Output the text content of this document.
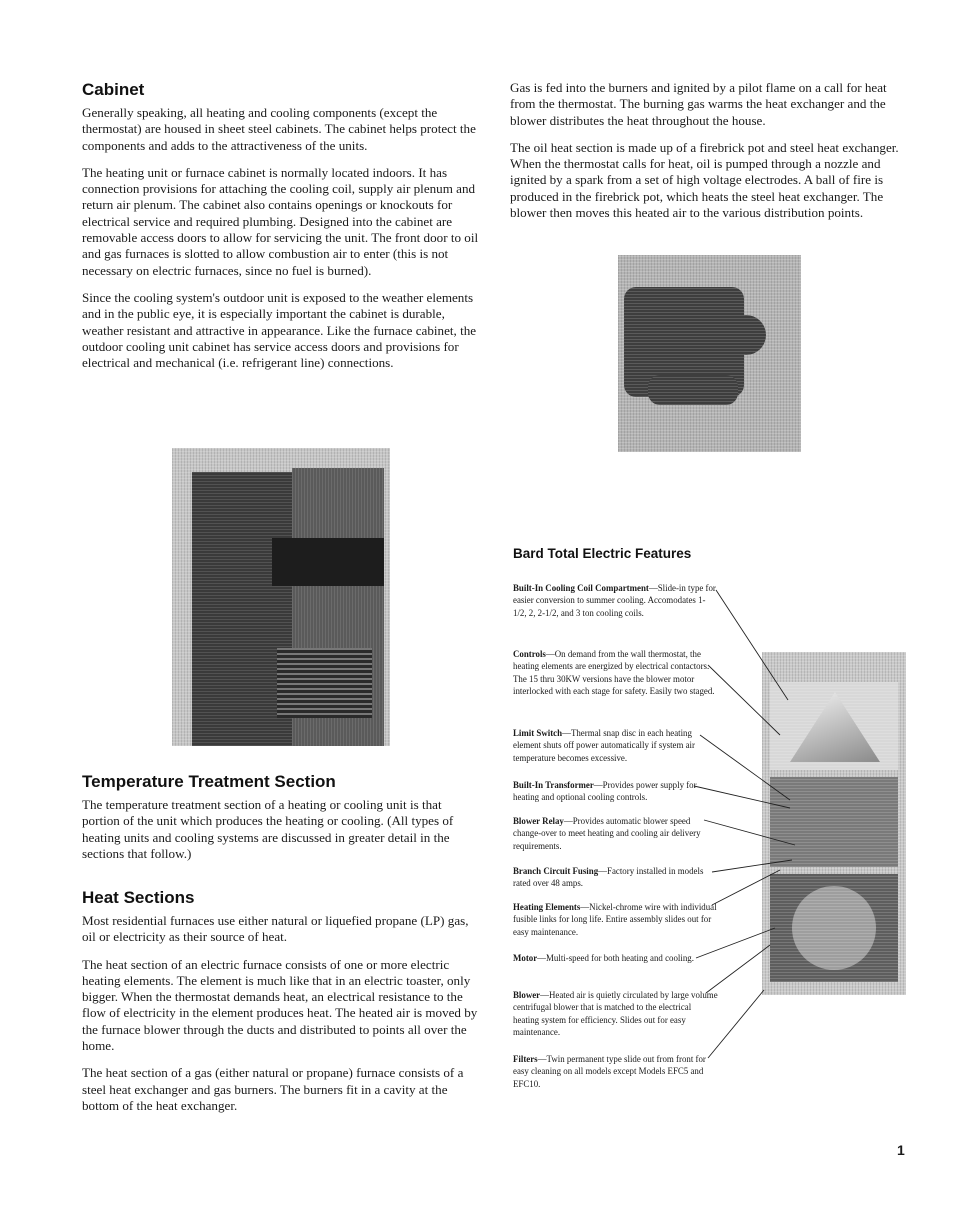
Cabinet

Generally speaking, all heating and cooling components (except the thermostat) are housed in sheet steel cabinets. The cabinet helps protect the components and adds to the attractiveness of the units.

The heating unit or furnace cabinet is normally located indoors. It has connection provisions for attaching the cooling coil, supply air plenum and return air plenum. The cabinet also contains openings or knockouts for electrical service and required plumbing. Designed into the cabinet are removable access doors to allow for servicing the unit. The front door to oil and gas furnaces is slotted to allow combustion air to enter (this is not necessary on electric furnaces, since no fuel is burned).

Since the cooling system's outdoor unit is exposed to the weather elements and in the public eye, it is especially important the cabinet is durable, weather resistant and attractive in appearance. Like the furnace cabinet, the outdoor cooling unit cabinet has service access doors and provisions for electrical and mechanical (i.e. refrigerant line) connections.

Temperature Treatment Section

The temperature treatment section of a heating or cooling unit is that portion of the unit which produces the heating or cooling. (All types of heating units and cooling systems are discussed in greater detail in the sections that follow.)

Heat Sections

Most residential furnaces use either natural or liquefied propane (LP) gas, oil or electricity as their source of heat.

The heat section of an electric furnace consists of one or more electric heating elements. The element is much like that in an electric toaster, only bigger. When the thermostat demands heat, an electrical resistance to the flow of electricity in the element produces heat. The heated air is moved by the furnace blower through the ducts and distributed to points all over the home.

The heat section of a gas (either natural or propane) furnace consists of a steel heat exchanger and gas burners. The burners fit in a cavity at the bottom of the heat exchanger.

Gas is fed into the burners and ignited by a pilot flame on a call for heat from the thermostat. The burning gas warms the heat exchanger and the blower distributes the heat throughout the house.

The oil heat section is made up of a firebrick pot and steel heat exchanger. When the thermostat calls for heat, oil is pumped through a nozzle and ignited by a spark from a set of high voltage electrodes. A ball of fire is produced in the firebrick pot, which heats the steel heat exchanger. The blower then moves this heated air to the various distribution points.

Bard Total Electric Features
Built-In Cooling Coil Compartment—Slide-in type for easier conversion to summer cooling. Accomodates 1-1/2, 2, 2-1/2, and 3 ton cooling coils.
Controls—On demand from the wall thermostat, the heating elements are energized by electrical contactors. The 15 thru 30KW versions have the blower motor interlocked with each stage for safety. Easily two staged.
Limit Switch—Thermal snap disc in each heating element shuts off power automatically if system air temperature becomes excessive.
Built-In Transformer—Provides power supply for heating and optional cooling controls.
Blower Relay—Provides automatic blower speed change-over to meet heating and cooling air delivery requirements.
Branch Circuit Fusing—Factory installed in models rated over 48 amps.
Heating Elements—Nickel-chrome wire with individual fusible links for long life. Entire assembly slides out for easy maintenance.
Motor—Multi-speed for both heating and cooling.
Blower—Heated air is quietly circulated by large volume centrifugal blower that is matched to the electrical heating system for efficiency. Slides out for easy maintenance.
Filters—Twin permanent type slide out from front for easy cleaning on all models except Models EFC5 and EFC10.
1
